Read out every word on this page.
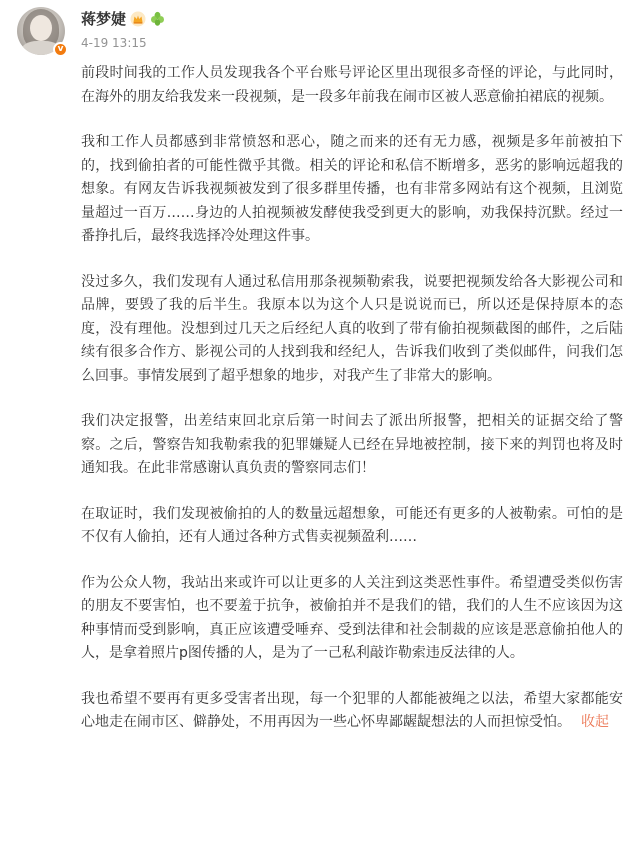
v
蒋梦婕
4-19 13:15

前段时间我的工作人员发现我各个平台账号评论区里出现很多奇怪的评论，与此同时，在海外的朋友给我发来一段视频，是一段多年前我在闹市区被人恶意偷拍裙底的视频。

我和工作人员都感到非常愤怒和恶心，随之而来的还有无力感，视频是多年前被拍下的，找到偷拍者的可能性微乎其微。相关的评论和私信不断增多，恶劣的影响远超我的想象。有网友告诉我视频被发到了很多群里传播，也有非常多网站有这个视频，且浏览量超过一百万……身边的人拍视频被发酵使我受到更大的影响，劝我保持沉默。经过一番挣扎后，最终我选择冷处理这件事。

没过多久，我们发现有人通过私信用那条视频勒索我，说要把视频发给各大影视公司和品牌，要毁了我的后半生。我原本以为这个人只是说说而已，所以还是保持原本的态度，没有理他。没想到过几天之后经纪人真的收到了带有偷拍视频截图的邮件，之后陆续有很多合作方、影视公司的人找到我和经纪人，告诉我们收到了类似邮件，问我们怎么回事。事情发展到了超乎想象的地步，对我产生了非常大的影响。

我们决定报警，出差结束回北京后第一时间去了派出所报警，把相关的证据交给了警察。之后，警察告知我勒索我的犯罪嫌疑人已经在异地被控制，接下来的判罚也将及时通知我。在此非常感谢认真负责的警察同志们！

在取证时，我们发现被偷拍的人的数量远超想象，可能还有更多的人被勒索。可怕的是不仅有人偷拍，还有人通过各种方式售卖视频盈利……

作为公众人物，我站出来或许可以让更多的人关注到这类恶性事件。希望遭受类似伤害的朋友不要害怕，也不要羞于抗争，被偷拍并不是我们的错，我们的人生不应该因为这种事情而受到影响，真正应该遭受唾弃、受到法律和社会制裁的应该是恶意偷拍他人的人，是拿着照片p图传播的人，是为了一己私利敲诈勒索违反法律的人。

我也希望不要再有更多受害者出现，每一个犯罪的人都能被绳之以法，希望大家都能安心地走在闹市区、僻静处，不用再因为一些心怀卑鄙龌龊想法的人而担惊受怕。 收起
